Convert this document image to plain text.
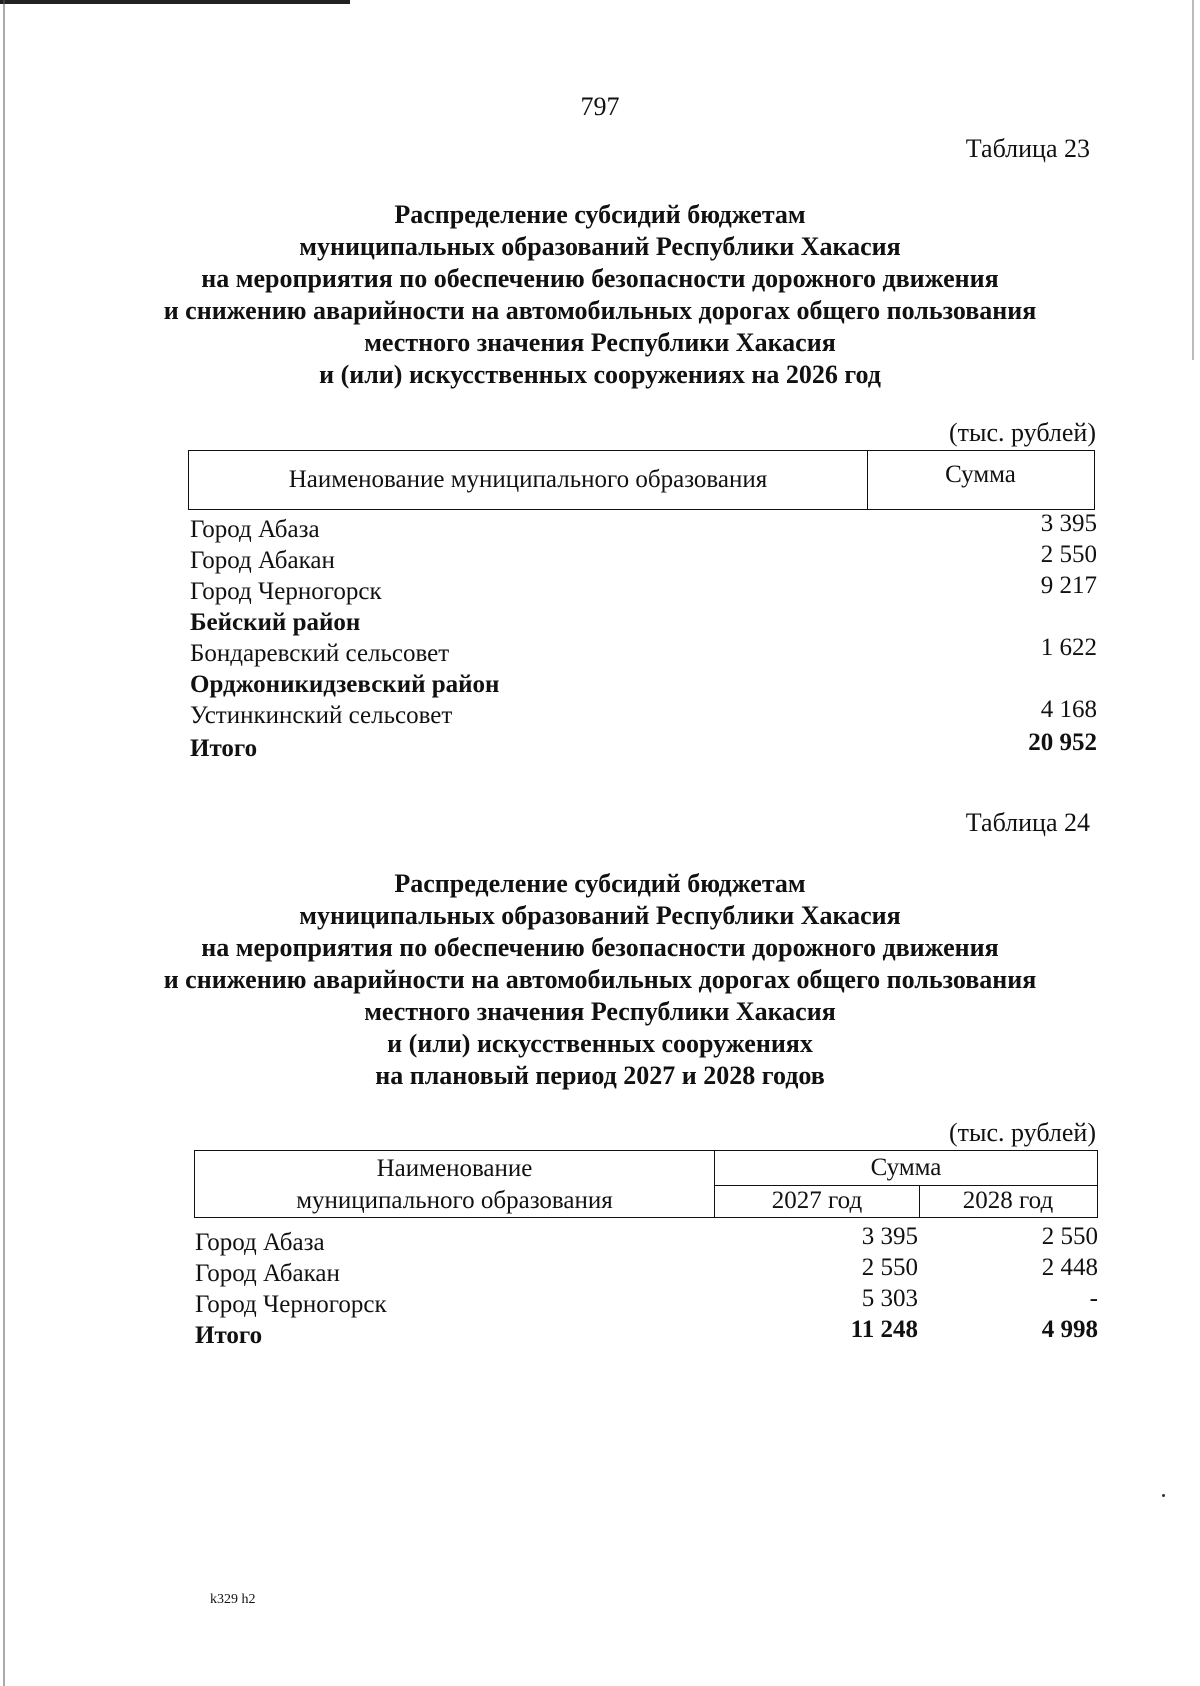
797
Таблица 23
Распределение субсидий бюджетам
муниципальных образований Республики Хакасия
на мероприятия по обеспечению безопасности дорожного движения
и снижению аварийности на автомобильных дорогах общего пользования
местного значения Республики Хакасия
и (или) искусственных сооружениях на 2026 год
(тыс. рублей)
Наименование муниципального образования	Сумма
Город Абаза	3 395
Город Абакан	2 550
Город Черногорск	9 217
Бейский район
Бондаревский сельсовет	1 622
Орджоникидзевский район
Устинкинский сельсовет	4 168
Итого	20 952
Таблица 24
Распределение субсидий бюджетам
муниципальных образований Республики Хакасия
на мероприятия по обеспечению безопасности дорожного движения
и снижению аварийности на автомобильных дорогах общего пользования
местного значения Республики Хакасия
и (или) искусственных сооружениях
на плановый период 2027 и 2028 годов
(тыс. рублей)
Наименование
муниципального образования
Сумма
2027 год	2028 год
Город Абаза	3 395	2 550
Город Абакан	2 550	2 448
Город Черногорск	5 303	-
Итого	11 248	4 998
k329 h2
